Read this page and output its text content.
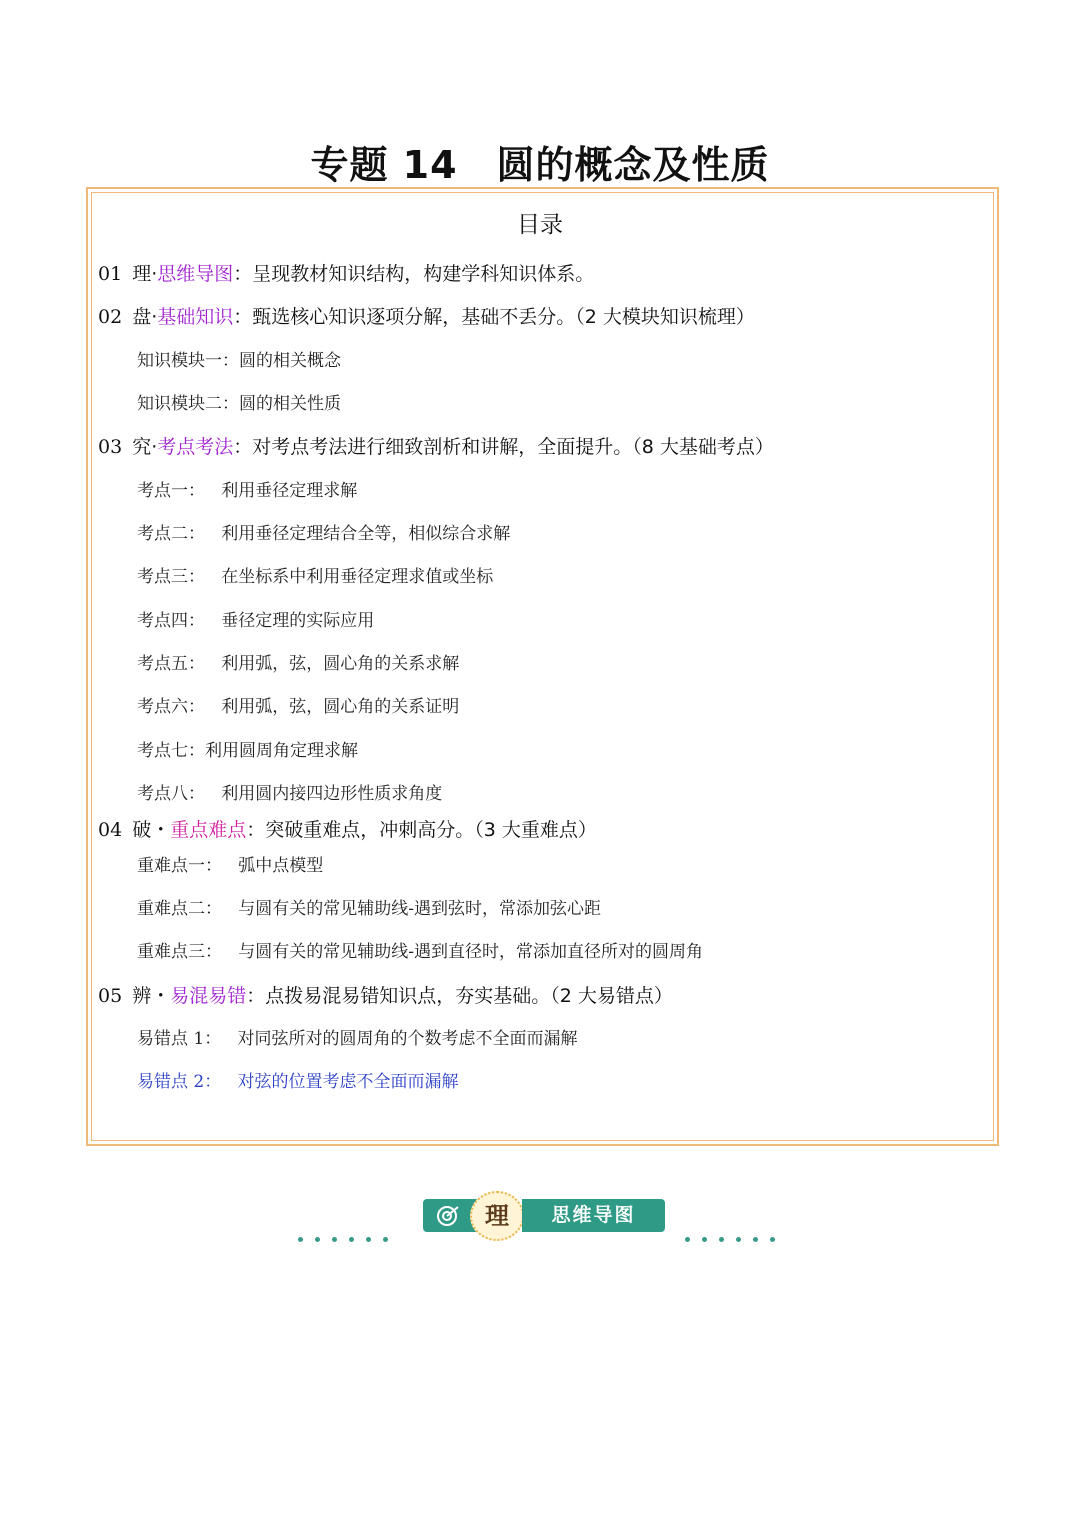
专题 14　圆的概念及性质
目录
01 理·思维导图：呈现教材知识结构，构建学科知识体系。
02 盘·基础知识：甄选核心知识逐项分解，基础不丢分。（2 大模块知识梳理）
知识模块一：圆的相关概念
知识模块二：圆的相关性质
03 究·考点考法：对考点考法进行细致剖析和讲解，全面提升。（8 大基础考点）
考点一： 利用垂径定理求解
考点二： 利用垂径定理结合全等，相似综合求解
考点三： 在坐标系中利用垂径定理求值或坐标
考点四： 垂径定理的实际应用
考点五： 利用弧，弦，圆心角的关系求解
考点六： 利用弧，弦，圆心角的关系证明
考点七：利用圆周角定理求解
考点八： 利用圆内接四边形性质求角度
04 破・重点难点：突破重难点，冲刺高分。（3 大重难点）
重难点一： 弧中点模型
重难点二： 与圆有关的常见辅助线-遇到弦时，常添加弦心距
重难点三： 与圆有关的常见辅助线-遇到直径时，常添加直径所对的圆周角
05 辨・易混易错：点拨易混易错知识点，夯实基础。（2 大易错点）
易错点 1： 对同弦所对的圆周角的个数考虑不全面而漏解
易错点 2： 对弦的位置考虑不全面而漏解
理	思维导图
